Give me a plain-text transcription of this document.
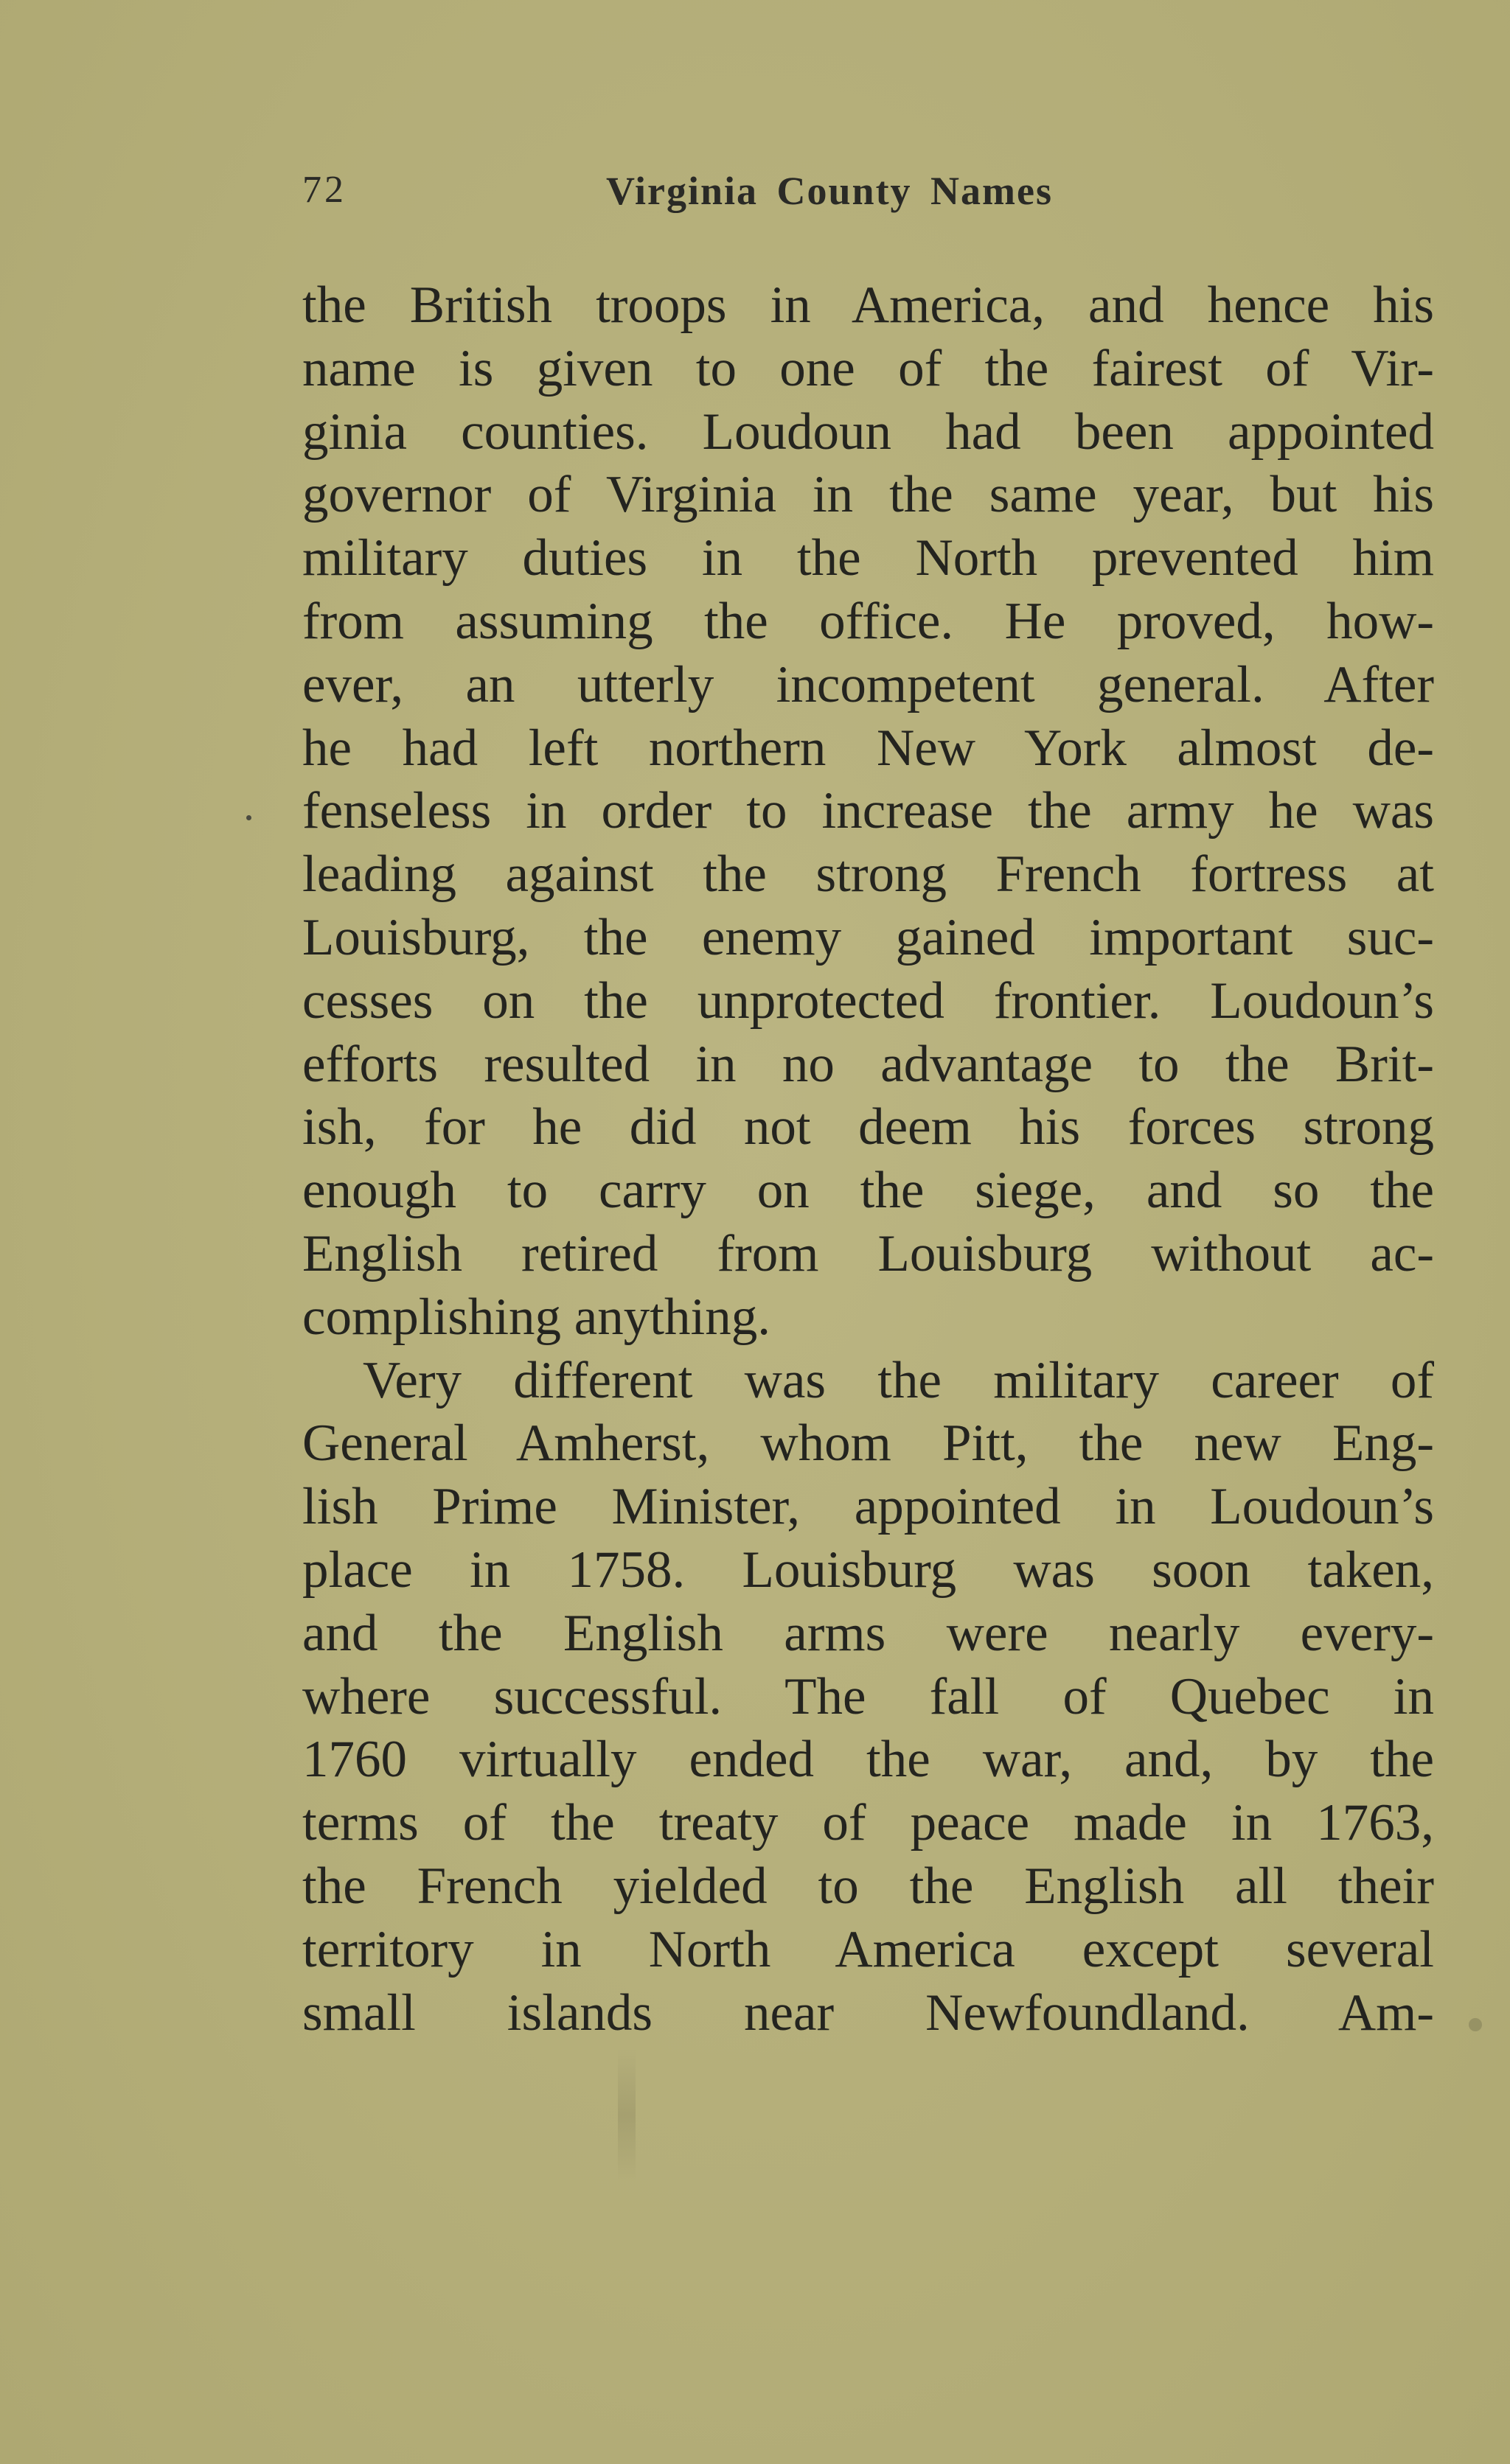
72	Virginia County Names
the British troops in America, and hence his
name is given to one of the fairest of Vir-
ginia counties. Loudoun had been appointed
governor of Virginia in the same year, but his
military duties in the North prevented him
from assuming the office. He proved, how-
ever, an utterly incompetent general. After
he had left northern New York almost de-
fenseless in order to increase the army he was
leading against the strong French fortress at
Louisburg, the enemy gained important suc-
cesses on the unprotected frontier. Loudoun’s
efforts resulted in no advantage to the Brit-
ish, for he did not deem his forces strong
enough to carry on the siege, and so the
English retired from Louisburg without ac-
complishing anything.
Very different was the military career of
General Amherst, whom Pitt, the new Eng-
lish Prime Minister, appointed in Loudoun’s
place in 1758. Louisburg was soon taken,
and the English arms were nearly every-
where successful. The fall of Quebec in
1760 virtually ended the war, and, by the
terms of the treaty of peace made in 1763,
the French yielded to the English all their
territory in North America except several
small islands near Newfoundland. Am-
